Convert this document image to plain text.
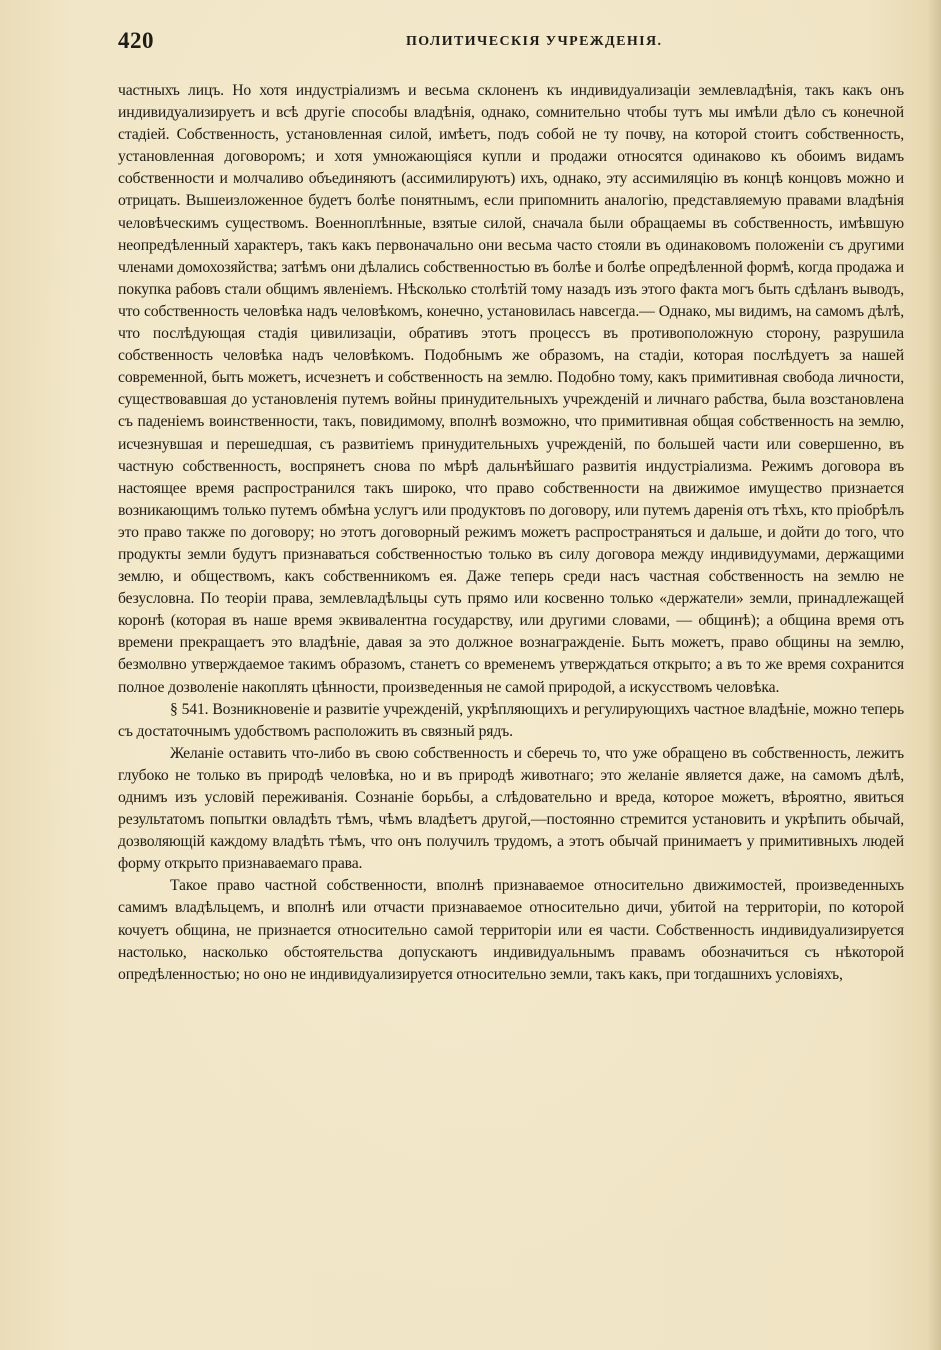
420	ПОЛИТИЧЕСКІЯ УЧРЕЖДЕНІЯ.

частныхъ лицъ. Но хотя индустріализмъ и весьма склоненъ къ индивидуализаціи землевладѣнія, такъ какъ онъ индивидуализируетъ и всѣ другіе способы владѣнія, однако, сомнительно чтобы тутъ мы имѣли дѣло съ конечной стадіей. Собственность, установленная силой, имѣетъ, подъ собой не ту почву, на которой стоитъ собственность, установленная договоромъ; и хотя умножающіяся купли и продажи относятся одинаково къ обоимъ видамъ собственности и молчаливо объединяютъ (ассимилируютъ) ихъ, однако, эту ассимиляцію въ концѣ концовъ можно и отрицать. Вышеизложенное будетъ болѣе понятнымъ, если припомнить аналогію, представляемую правами владѣнія человѣческимъ существомъ. Военноплѣнные, взятые силой, сначала были обращаемы въ собственность, имѣвшую неопредѣленный характеръ, такъ какъ первоначально они весьма часто стояли въ одинаковомъ положеніи съ другими членами домохозяйства; затѣмъ они дѣлались собственностью въ болѣе и болѣе опредѣленной формѣ, когда продажа и покупка рабовъ стали общимъ явленіемъ. Нѣсколько столѣтій тому назадъ изъ этого факта могъ быть сдѣланъ выводъ, что собственность человѣка надъ человѣкомъ, конечно, установилась навсегда.— Однако, мы видимъ, на самомъ дѣлѣ, что послѣдующая стадія цивилизаціи, обративъ этотъ процессъ въ противоположную сторону, разрушила собственность человѣка надъ человѣкомъ. Подобнымъ же образомъ, на стадіи, которая послѣдуетъ за нашей современной, быть можетъ, исчезнетъ и собственность на землю. Подобно тому, какъ примитивная свобода личности, существовавшая до установленія путемъ войны принудительныхъ учрежденій и личнаго рабства, была возстановлена съ паденіемъ воинственности, такъ, повидимому, вполнѣ возможно, что примитивная общая собственность на землю, исчезнувшая и перешедшая, съ развитіемъ принудительныхъ учрежденій, по большей части или совершенно, въ частную собственность, воспрянетъ снова по мѣрѣ дальнѣйшаго развитія индустріализма. Режимъ договора въ настоящее время распространился такъ широко, что право собственности на движимое имущество признается возникающимъ только путемъ обмѣна услугъ или продуктовъ по договору, или путемъ даренія отъ тѣхъ, кто пріобрѣлъ это право также по договору; но этотъ договорный режимъ можетъ распространяться и дальше, и дойти до того, что продукты земли будутъ признаваться собственностью только въ силу договора между индивидуумами, держащими землю, и обществомъ, какъ собственникомъ ея. Даже теперь среди насъ частная собственность на землю не безусловна. По теоріи права, землевладѣльцы суть прямо или косвенно только «держатели» земли, принадлежащей коронѣ (которая въ наше время эквивалентна государству, или другими словами, — общинѣ); а община время отъ времени прекращаетъ это владѣніе, давая за это должное вознагражденіе. Быть можетъ, право общины на землю, безмолвно утверждаемое такимъ образомъ, станетъ со временемъ утверждаться открыто; а въ то же время сохранится полное дозволеніе накоплять цѣнности, произведенныя не самой природой, а искусствомъ человѣка.

§ 541. Возникновеніе и развитіе учрежденій, укрѣпляющихъ и регулирующихъ частное владѣніе, можно теперь съ достаточнымъ удобствомъ расположить въ связный рядъ.

Желаніе оставить что-либо въ свою собственность и сберечь то, что уже обращено въ собственность, лежитъ глубоко не только въ природѣ человѣка, но и въ природѣ животнаго; это желаніе является даже, на самомъ дѣлѣ, однимъ изъ условій переживанія. Сознаніе борьбы, а слѣдовательно и вреда, которое можетъ, вѣроятно, явиться результатомъ попытки овладѣть тѣмъ, чѣмъ владѣетъ другой,—постоянно стремится установить и укрѣпить обычай, дозволяющій каждому владѣть тѣмъ, что онъ получилъ трудомъ, а этотъ обычай принимаетъ у примитивныхъ людей форму открыто признаваемаго права.

Такое право частной собственности, вполнѣ признаваемое относительно движимостей, произведенныхъ самимъ владѣльцемъ, и вполнѣ или отчасти признаваемое относительно дичи, убитой на территоріи, по которой кочуетъ община, не признается относительно самой территоріи или ея части. Собственность индивидуализируется настолько, насколько обстоятельства допускаютъ индивидуальнымъ правамъ обозначиться съ нѣкоторой опредѣленностью; но оно не индивидуализируется относительно земли, такъ какъ, при тогдашнихъ условіяхъ,
